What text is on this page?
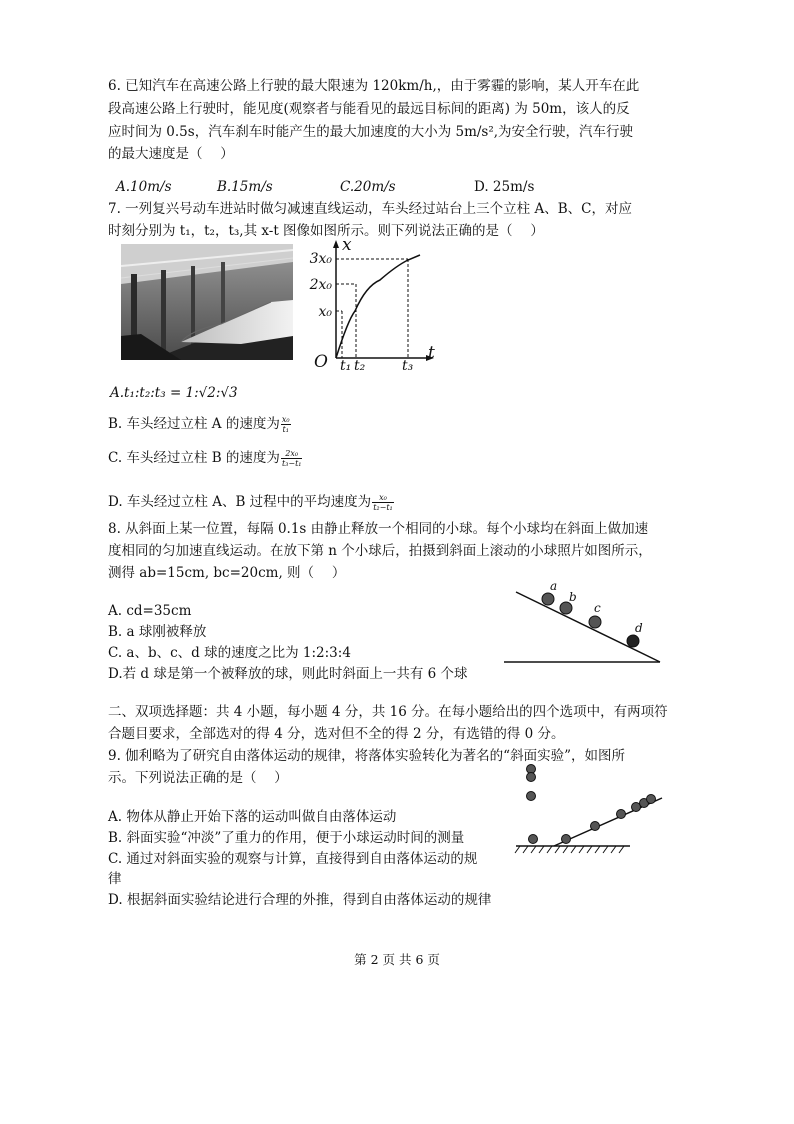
6. 已知汽车在高速公路上行驶的最大限速为 120km/h,，由于雾霾的影响，某人开车在此
段高速公路上行驶时，能见度(观察者与能看见的最远目标间的距离) 为 50m，该人的反
应时间为 0.5s，汽车刹车时能产生的最大加速度的大小为 5m/s²,为安全行驶，汽车行驶
的最大速度是（　 ）
A.10m/s	B.15m/s	C.20m/s	D. 25m/s
7. 一列复兴号动车进站时做匀减速直线运动，车头经过站台上三个立柱 A、B、C，对应
时刻分别为 t₁，t₂，t₃,其 x-t 图像如图所示。则下列说法正确的是（　 ）
x
t
O
x₀
2x₀
3x₀
t₁ t₂	t₃
A.t₁:t₂:t₃ = 1:√2:√3
B. 车头经过立柱 A 的速度为 $\frac{\text{x₀}}{\text{t₁}}$
C. 车头经过立柱 B 的速度为 $\frac{\text{2x₀}}{\text{t₃−t₁}}$
D. 车头经过立柱 A、B 过程中的平均速度为 $\frac{\text{x₀}}{\text{t₂−t₁}}$
8. 从斜面上某一位置，每隔 0.1s 由静止释放一个相同的小球。每个小球均在斜面上做加速
度相同的匀加速直线运动。在放下第 n 个小球后，拍摄到斜面上滚动的小球照片如图所示，
测得 ab=15cm, bc=20cm, 则（　 ）
a
b
c
d
A. cd=35cm
B. a 球刚被释放
C. a、b、c、d 球的速度之比为 1:2:3:4
D.若 d 球是第一个被释放的球，则此时斜面上一共有 6 个球
二、双项选择题：共 4 小题，每小题 4 分，共 16 分。在每小题给出的四个选项中，有两项符
合题目要求，全部选对的得 4 分，选对但不全的得 2 分，有选错的得 0 分。
9. 伽利略为了研究自由落体运动的规律，将落体实验转化为著名的“斜面实验”，如图所
示。下列说法正确的是（　 ）
A. 物体从静止开始下落的运动叫做自由落体运动
B. 斜面实验“冲淡”了重力的作用，便于小球运动时间的测量
C. 通过对斜面实验的观察与计算，直接得到自由落体运动的规
律
D. 根据斜面实验结论进行合理的外推，得到自由落体运动的规律
第 2 页 共 6 页
